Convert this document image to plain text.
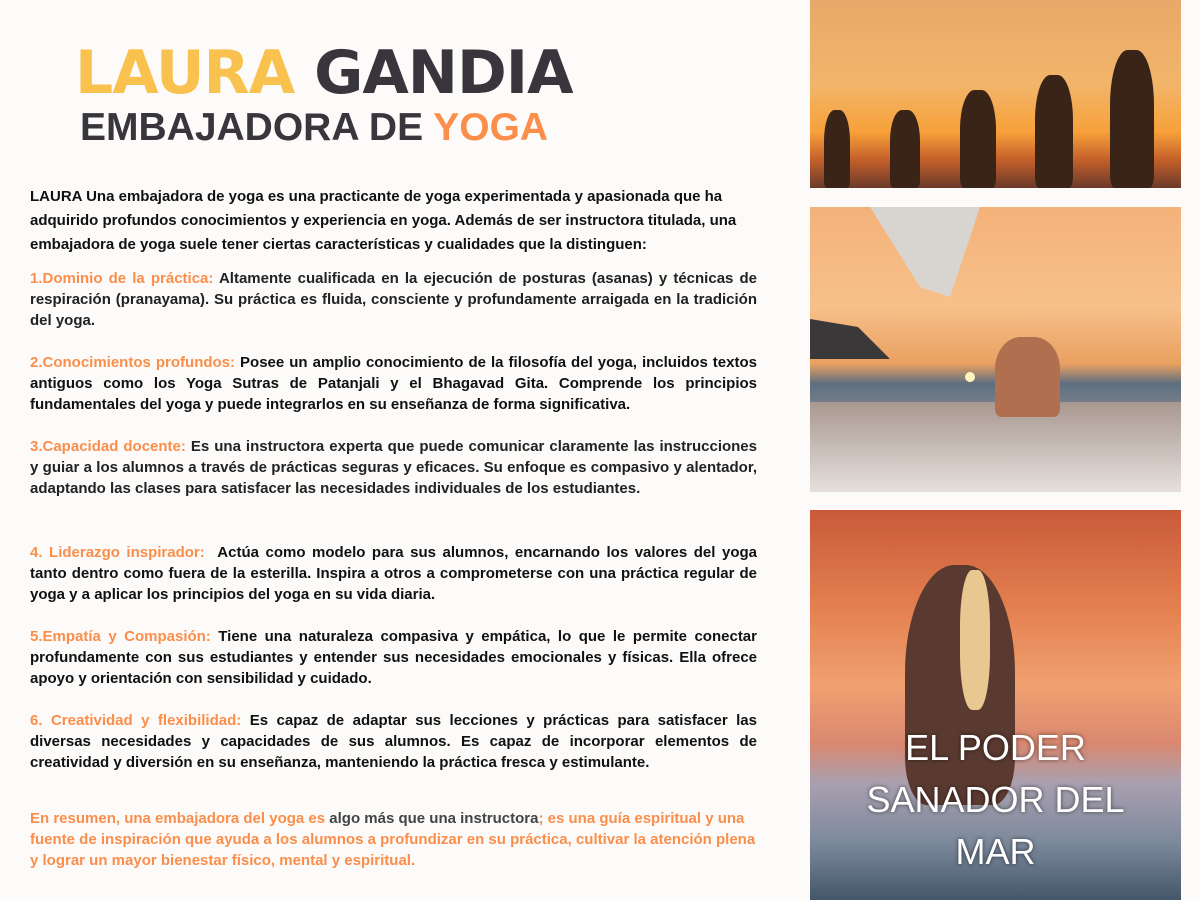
LAURA GANDIA
EMBAJADORA DE YOGA
LAURA Una embajadora de yoga es una practicante de yoga experimentada y apasionada que ha adquirido profundos conocimientos y experiencia en yoga. Además de ser instructora titulada, una embajadora de yoga suele tener ciertas características y cualidades que la distinguen:
1.Dominio de la práctica: Altamente cualificada en la ejecución de posturas (asanas) y técnicas de respiración (pranayama). Su práctica es fluida, consciente y profundamente arraigada en la tradición del yoga.
2.Conocimientos profundos: Posee un amplio conocimiento de la filosofía del yoga, incluidos textos antiguos como los Yoga Sutras de Patanjali y el Bhagavad Gita. Comprende los principios fundamentales del yoga y puede integrarlos en su enseñanza de forma significativa.
3.Capacidad docente: Es una instructora experta que puede comunicar claramente las instrucciones y guiar a los alumnos a través de prácticas seguras y eficaces. Su enfoque es compasivo y alentador, adaptando las clases para satisfacer las necesidades individuales de los estudiantes.
4. Liderazgo inspirador:  Actúa como modelo para sus alumnos, encarnando los valores del yoga tanto dentro como fuera de la esterilla. Inspira a otros a comprometerse con una práctica regular de yoga y a aplicar los principios del yoga en su vida diaria.
5.Empatía y Compasión: Tiene una naturaleza compasiva y empática, lo que le permite conectar profundamente con sus estudiantes y entender sus necesidades emocionales y físicas. Ella ofrece apoyo y orientación con sensibilidad y cuidado.
6. Creatividad y flexibilidad: Es capaz de adaptar sus lecciones y prácticas para satisfacer las diversas necesidades y capacidades de sus alumnos. Es capaz de incorporar elementos de creatividad y diversión en su enseñanza, manteniendo la práctica fresca y estimulante.
En resumen, una embajadora del yoga es algo más que una instructora; es una guía espiritual y una fuente de inspiración que ayuda a los alumnos a profundizar en su práctica, cultivar la atención plena y lograr un mayor bienestar físico, mental y espiritual.
EL PODER
SANADOR DEL
MAR
